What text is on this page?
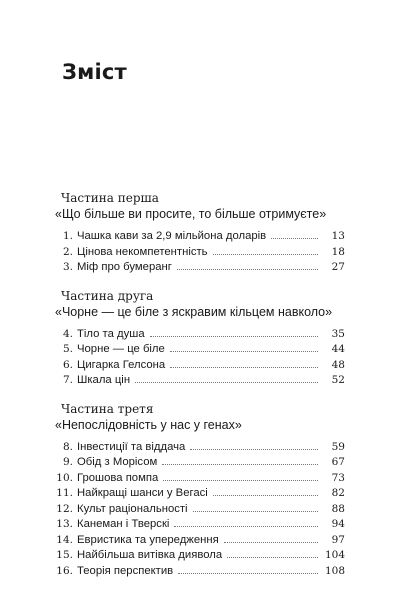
Зміст
Частина перша
«Що більше ви просите, то більше отримуєте»
1. Чашка кави за 2,9 мільйона доларів	13
2. Цінова некомпетентність	18
3. Міф про бумеранг	27
Частина друга
«Чорне — це біле з яскравим кільцем навколо»
4. Тіло та душа	35
5. Чорне — це біле	44
6. Цигарка Гелсона	48
7. Шкала цін	52
Частина третя
«Непослідовність у нас у генах»
8. Інвестиції та віддача	59
9. Обід з Морісом	67
10. Грошова помпа	73
11. Найкращі шанси у Вегасі	82
12. Культ раціональності	88
13. Канеман і Тверскі	94
14. Евристика та упередження	97
15. Найбільша витівка диявола	104
16. Теорія перспектив	108
